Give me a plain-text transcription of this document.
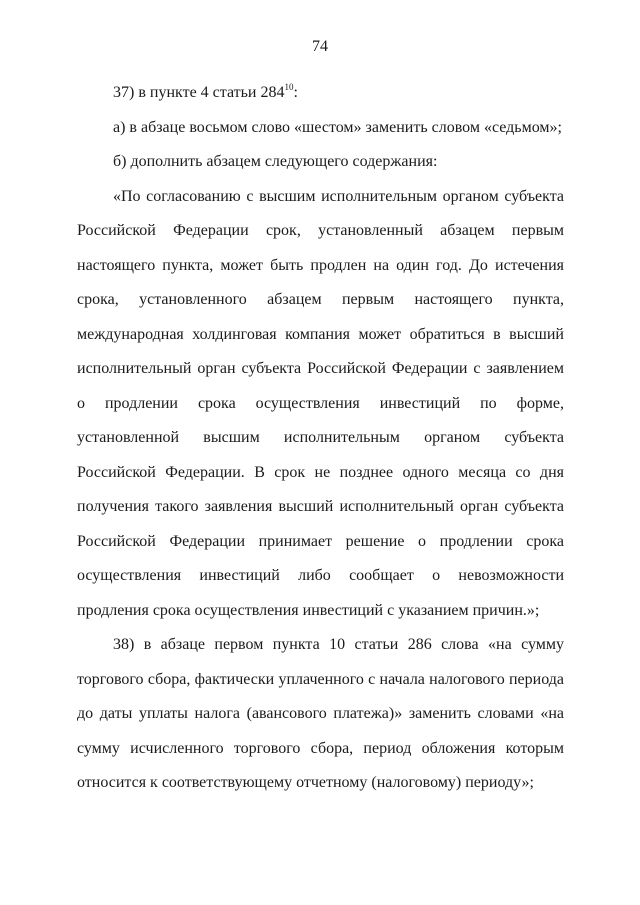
74

37) в пункте 4 статьи $284^{10}$:

а) в абзаце восьмом слово «шестом» заменить словом «седьмом»;

б) дополнить абзацем следующего содержания:

«По согласованию с высшим исполнительным органом субъекта Российской Федерации срок, установленный абзацем первым настоящего пункта, может быть продлен на один год. До истечения срока, установленного абзацем первым настоящего пункта, международная холдинговая компания может обратиться в высший исполнительный орган субъекта Российской Федерации с заявлением о продлении срока осуществления инвестиций по форме, установленной высшим исполнительным органом субъекта Российской Федерации. В срок не позднее одного месяца со дня получения такого заявления высший исполнительный орган субъекта Российской Федерации принимает решение о продлении срока осуществления инвестиций либо сообщает о невозможности продления срока осуществления инвестиций с указанием причин.»;

38) в абзаце первом пункта 10 статьи 286 слова «на сумму торгового сбора, фактически уплаченного с начала налогового периода до даты уплаты налога (авансового платежа)» заменить словами «на сумму исчисленного торгового сбора, период обложения которым относится к соответствующему отчетному (налоговому) периоду»;
